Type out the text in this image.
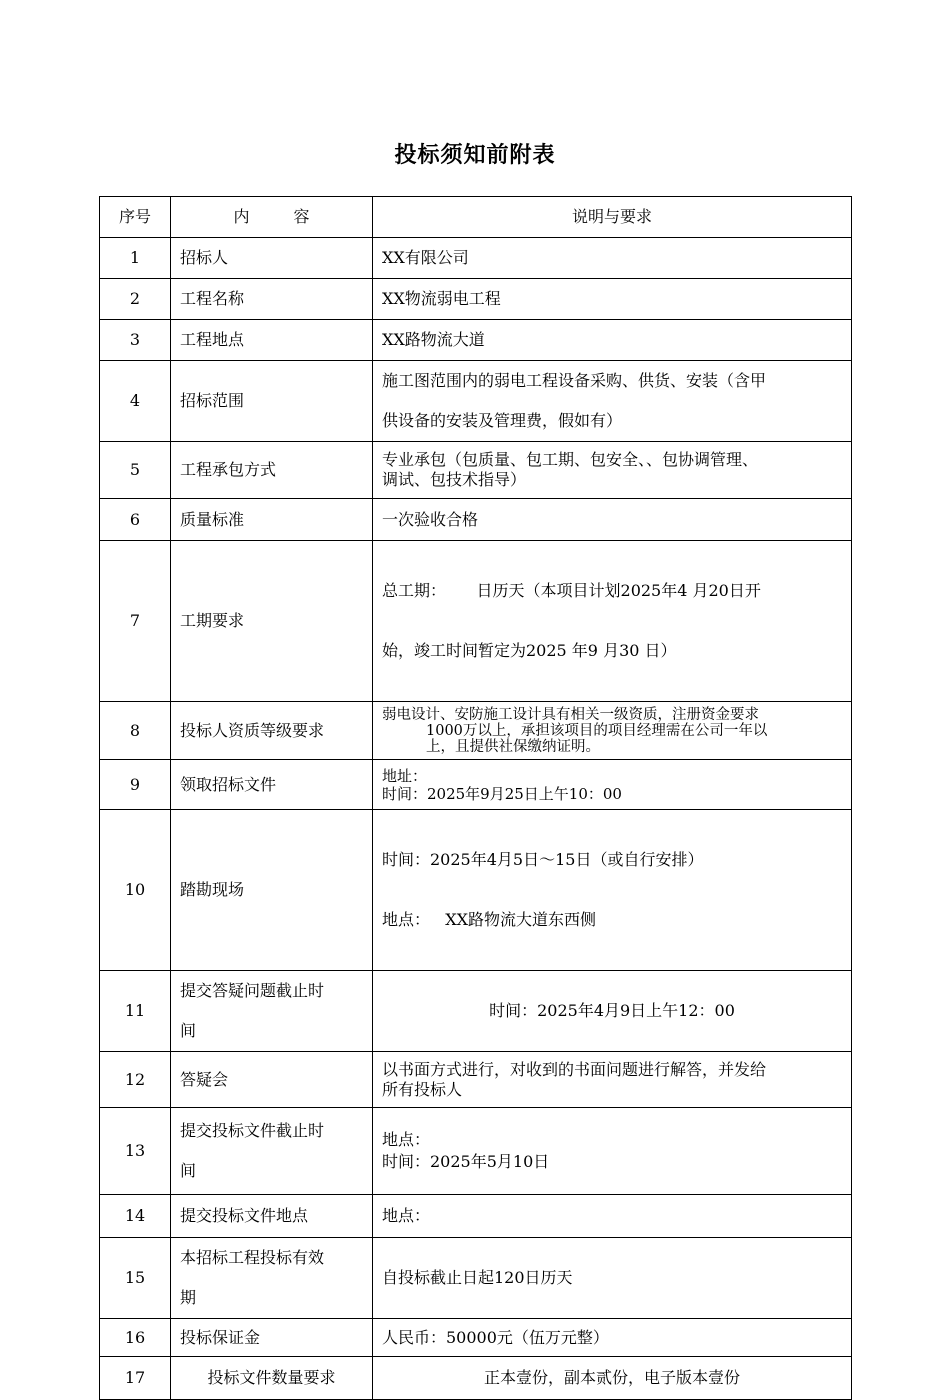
投标须知前附表
序号	内 容	说明与要求
1	招标人	XX有限公司
2	工程名称	XX物流弱电工程
3	工程地点	XX路物流大道
4	招标范围	施工图范围内的弱电工程设备采购、供货、安装（含甲
供设备的安装及管理费，假如有）

5	工程承包方式	专业承包（包质量、包工期、包安全、、包协调管理、
调试、包技术指导）

6	质量标准	一次验收合格
7	工期要求	总工期：      日历天（本项目计划2025年4 月20日开

始，竣工时间暂定为2025 年9 月30 日）

8	投标人资质等级要求	弱电设计、安防施工设计具有相关一级资质，注册资金要求
1000万以上，承担该项目的项目经理需在公司一年以
上，且提供社保缴纳证明。

9	领取招标文件	地址：
时间：2025年9月25日上午10：00

10	踏勘现场	时间：2025年4月5日～15日（或自行安排）

地点：   XX路物流大道东西侧

11	提交答疑问题截止时
间	时间：2025年4月9日上午12：00
12	答疑会	以书面方式进行，对收到的书面问题进行解答，并发给
所有投标人

13	提交投标文件截止时
间	地点：
时间：2025年5月10日

14	提交投标文件地点	地点：
15	本招标工程投标有效
期	自投标截止日起120日历天
16	投标保证金	人民币：50000元（伍万元整）
17	投标文件数量要求	正本壹份，副本贰份，电子版本壹份
